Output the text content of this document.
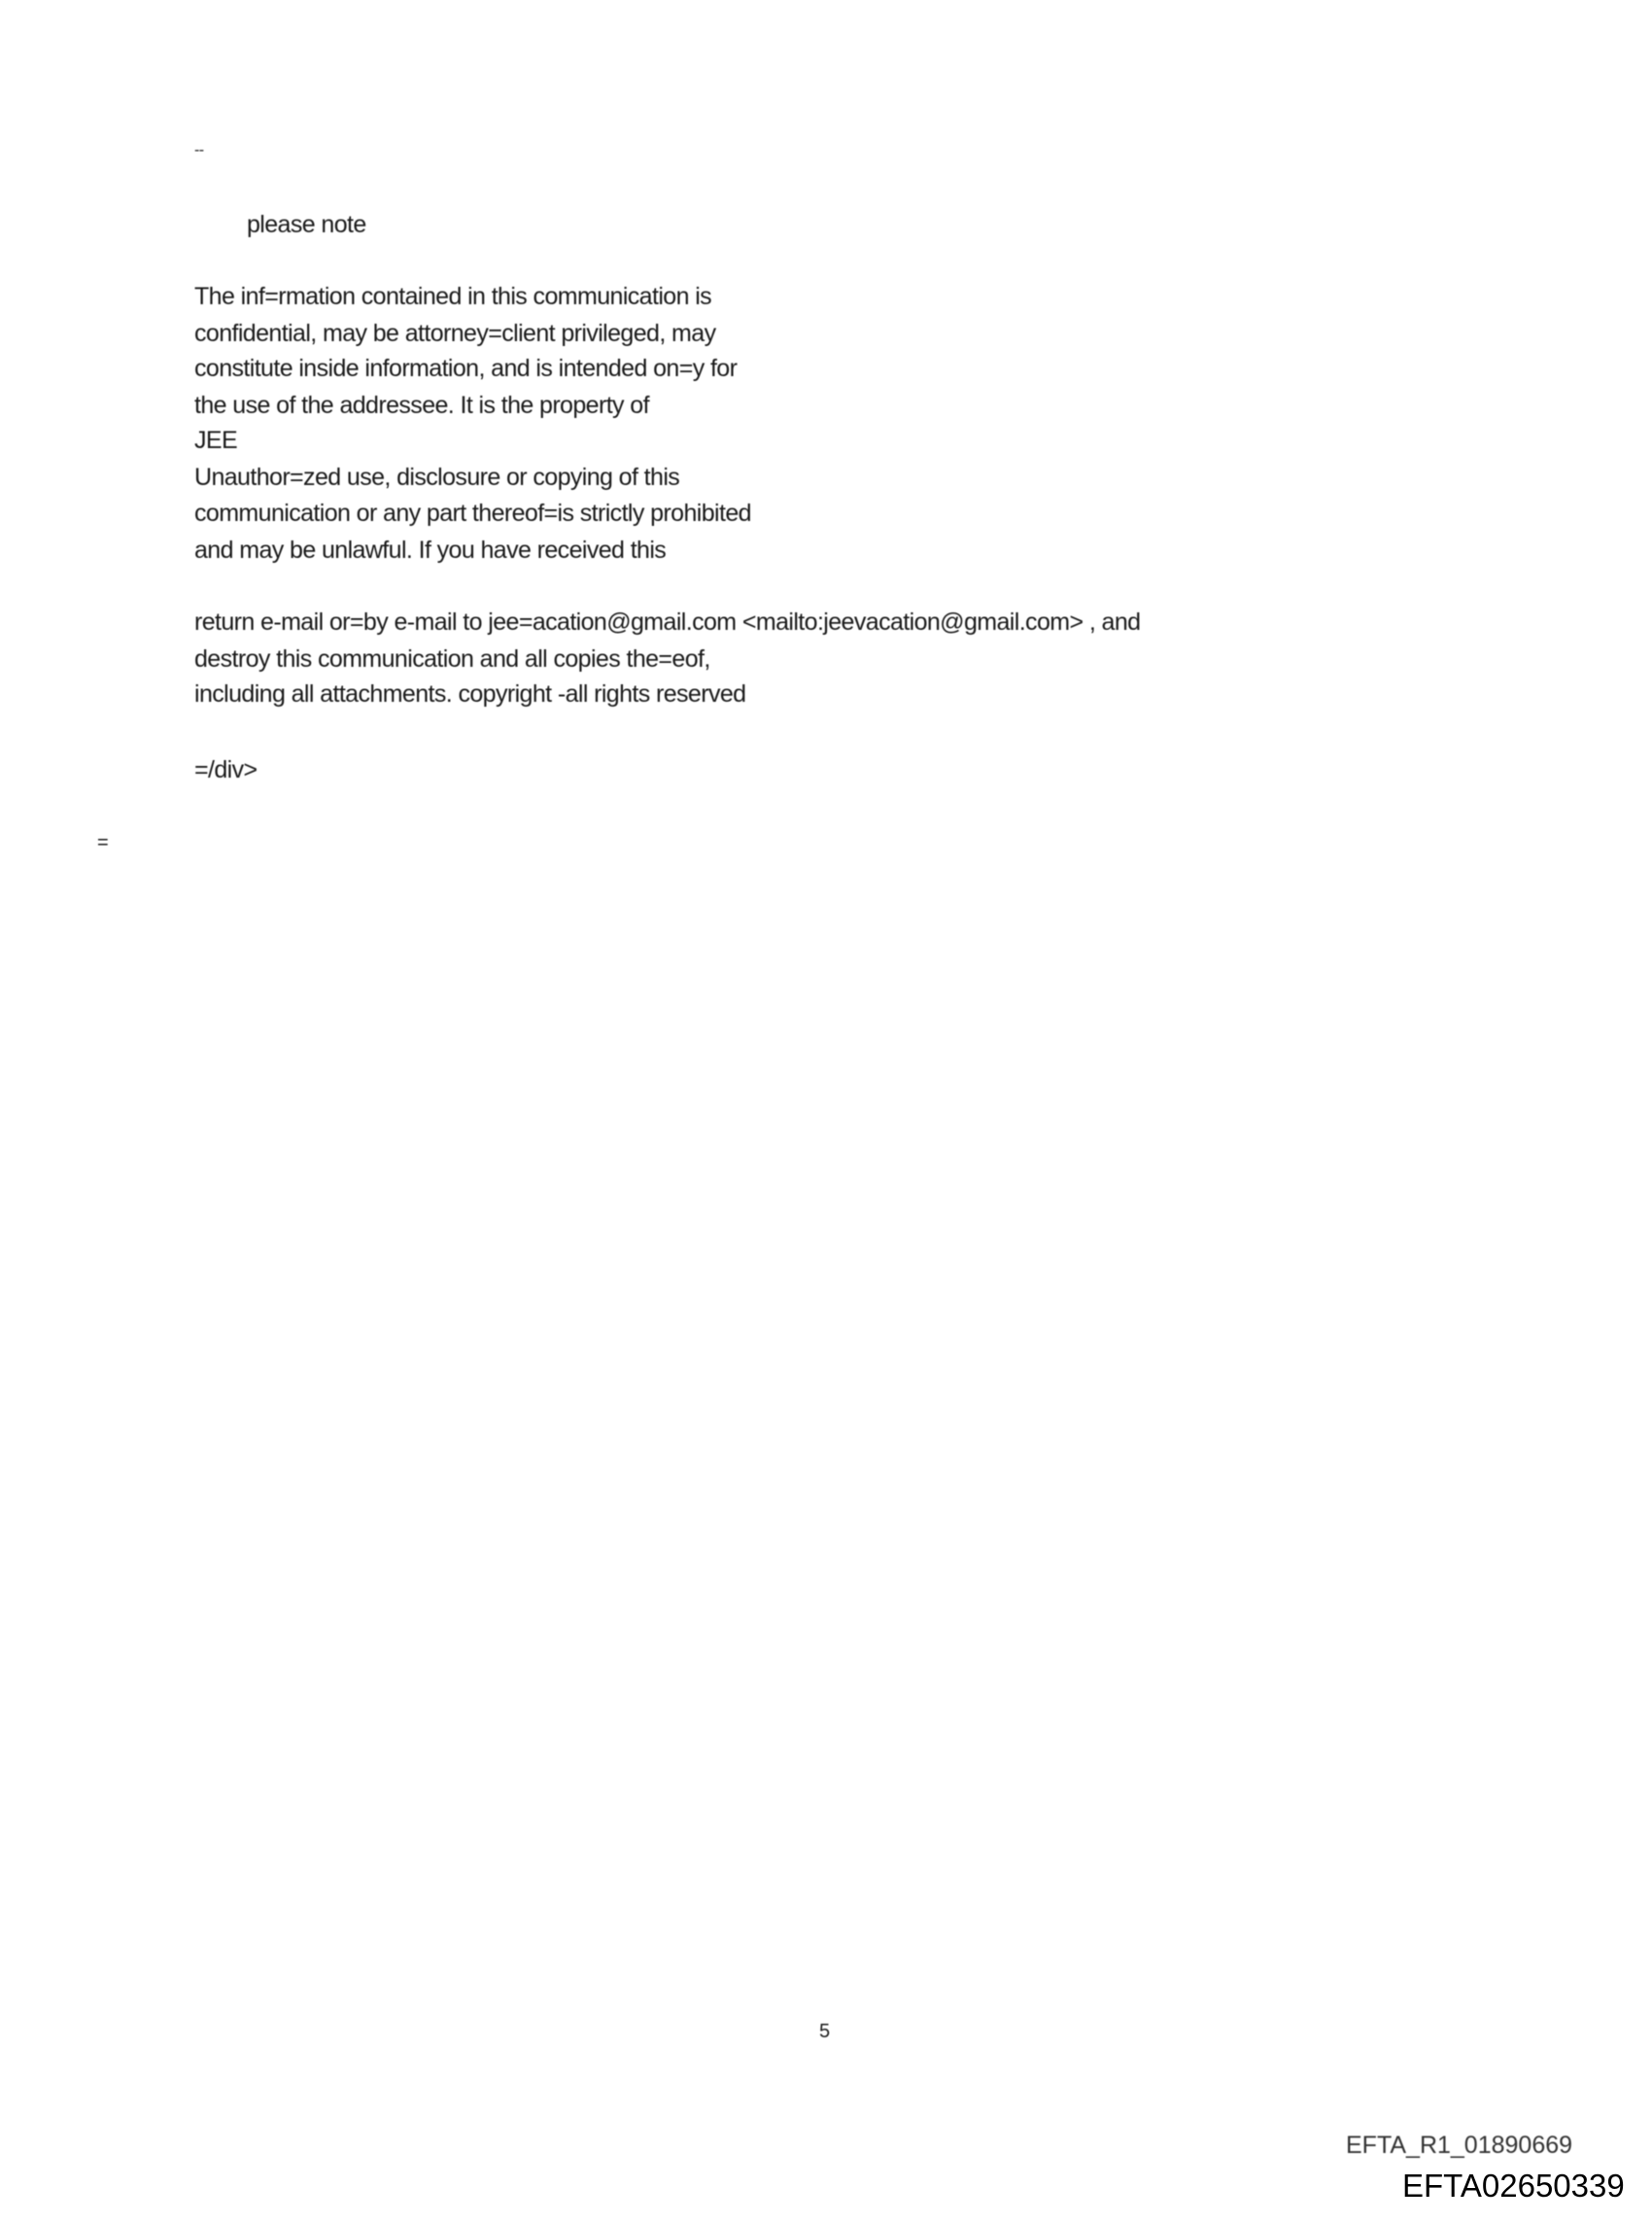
--
please note
The inf=rmation contained in this communication is
confidential, may be attorney=client privileged, may
constitute inside information, and is intended on=y for
the use of the addressee. It is the property of
JEE
Unauthor=zed use, disclosure or copying of this
communication or any part thereof=is strictly prohibited
and may be unlawful. If you have received this
return e-mail or=by e-mail to jee=acation@gmail.com <mailto:jeevacation@gmail.com> , and
destroy this communication and all copies the=eof,
including all attachments. copyright -all rights reserved
=/div>
=
5
EFTA_R1_01890669
EFTA02650339
